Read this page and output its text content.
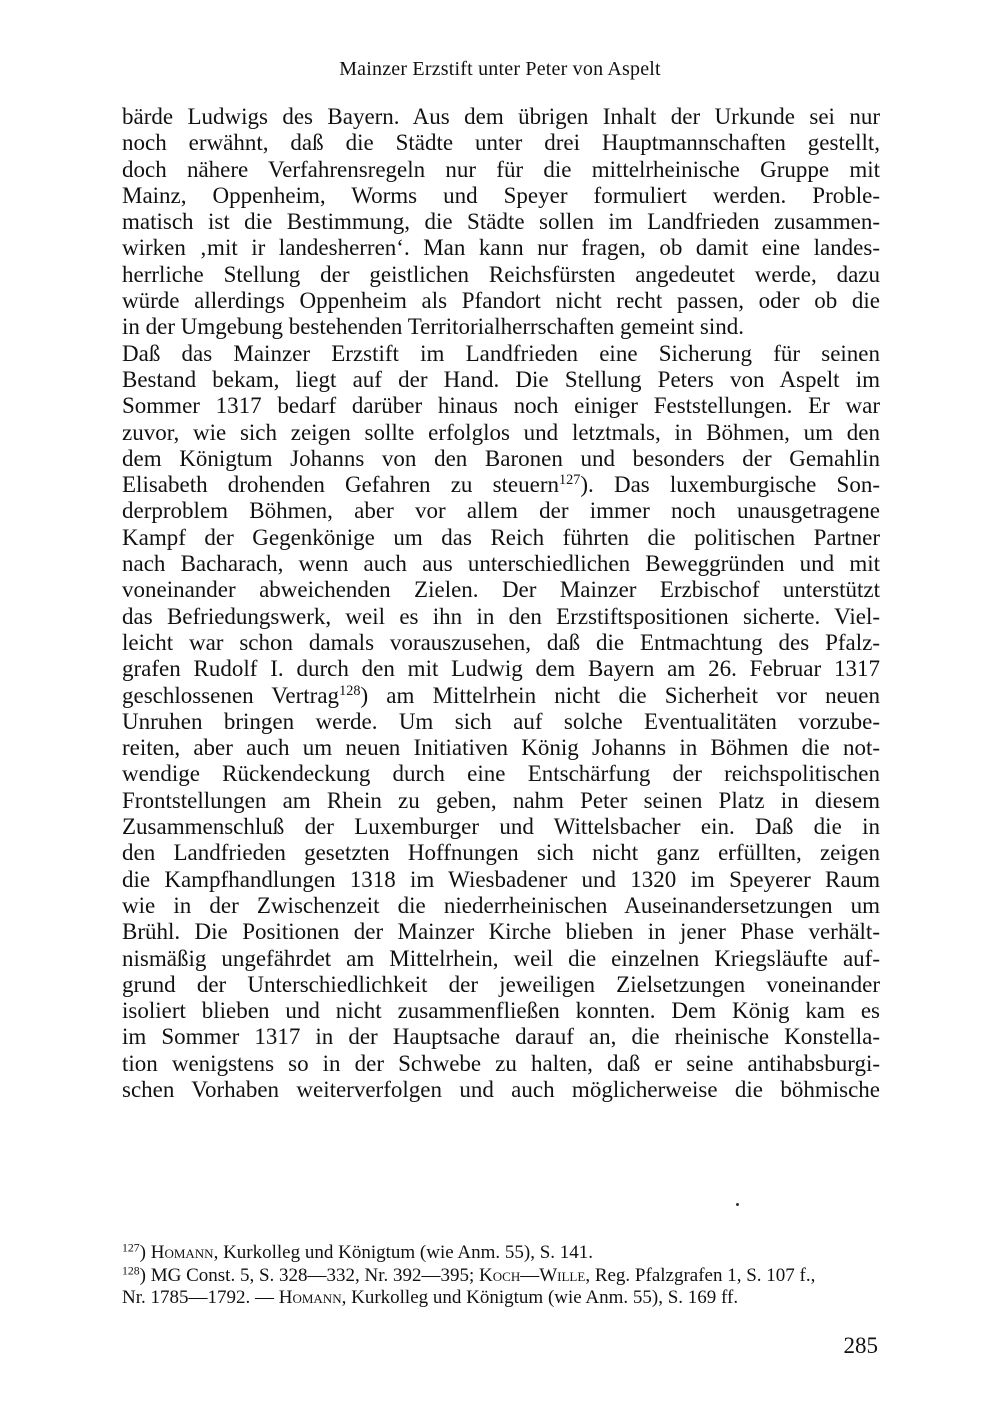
Mainzer Erzstift unter Peter von Aspelt
bärde Ludwigs des Bayern. Aus dem übrigen Inhalt der Urkunde sei nur
noch erwähnt, daß die Städte unter drei Hauptmannschaften gestellt,
doch nähere Verfahrensregeln nur für die mittelrheinische Gruppe mit
Mainz, Oppenheim, Worms und Speyer formuliert werden. Proble-
matisch ist die Bestimmung, die Städte sollen im Landfrieden zusammen-
wirken ‚mit ir landesherren‘. Man kann nur fragen, ob damit eine landes-
herrliche Stellung der geistlichen Reichsfürsten angedeutet werde, dazu
würde allerdings Oppenheim als Pfandort nicht recht passen, oder ob die
in der Umgebung bestehenden Territorialherrschaften gemeint sind.
Daß das Mainzer Erzstift im Landfrieden eine Sicherung für seinen
Bestand bekam, liegt auf der Hand. Die Stellung Peters von Aspelt im
Sommer 1317 bedarf darüber hinaus noch einiger Feststellungen. Er war
zuvor, wie sich zeigen sollte erfolglos und letztmals, in Böhmen, um den
dem Königtum Johanns von den Baronen und besonders der Gemahlin
Elisabeth drohenden Gefahren zu steuern$^{127}$). Das luxemburgische Son-
derproblem Böhmen, aber vor allem der immer noch unausgetragene
Kampf der Gegenkönige um das Reich führten die politischen Partner
nach Bacharach, wenn auch aus unterschiedlichen Beweggründen und mit
voneinander abweichenden Zielen. Der Mainzer Erzbischof unterstützt
das Befriedungswerk, weil es ihn in den Erzstiftspositionen sicherte. Viel-
leicht war schon damals vorauszusehen, daß die Entmachtung des Pfalz-
grafen Rudolf I. durch den mit Ludwig dem Bayern am 26. Februar 1317
geschlossenen Vertrag$^{128}$) am Mittelrhein nicht die Sicherheit vor neuen
Unruhen bringen werde. Um sich auf solche Eventualitäten vorzube-
reiten, aber auch um neuen Initiativen König Johanns in Böhmen die not-
wendige Rückendeckung durch eine Entschärfung der reichspolitischen
Frontstellungen am Rhein zu geben, nahm Peter seinen Platz in diesem
Zusammenschluß der Luxemburger und Wittelsbacher ein. Daß die in
den Landfrieden gesetzten Hoffnungen sich nicht ganz erfüllten, zeigen
die Kampfhandlungen 1318 im Wiesbadener und 1320 im Speyerer Raum
wie in der Zwischenzeit die niederrheinischen Auseinandersetzungen um
Brühl. Die Positionen der Mainzer Kirche blieben in jener Phase verhält-
nismäßig ungefährdet am Mittelrhein, weil die einzelnen Kriegsläufte auf-
grund der Unterschiedlichkeit der jeweiligen Zielsetzungen voneinander
isoliert blieben und nicht zusammenfließen konnten. Dem König kam es
im Sommer 1317 in der Hauptsache darauf an, die rheinische Konstella-
tion wenigstens so in der Schwebe zu halten, daß er seine antihabsburgi-
schen Vorhaben weiterverfolgen und auch möglicherweise die böhmische
$^{127}$) Homann, Kurkolleg und Königtum (wie Anm. 55), S. 141.
$^{128}$) MG Const. 5, S. 328—332, Nr. 392—395; Koch—Wille, Reg. Pfalzgrafen 1, S. 107 f.,
Nr. 1785—1792. — Homann, Kurkolleg und Königtum (wie Anm. 55), S. 169 ff.
285
